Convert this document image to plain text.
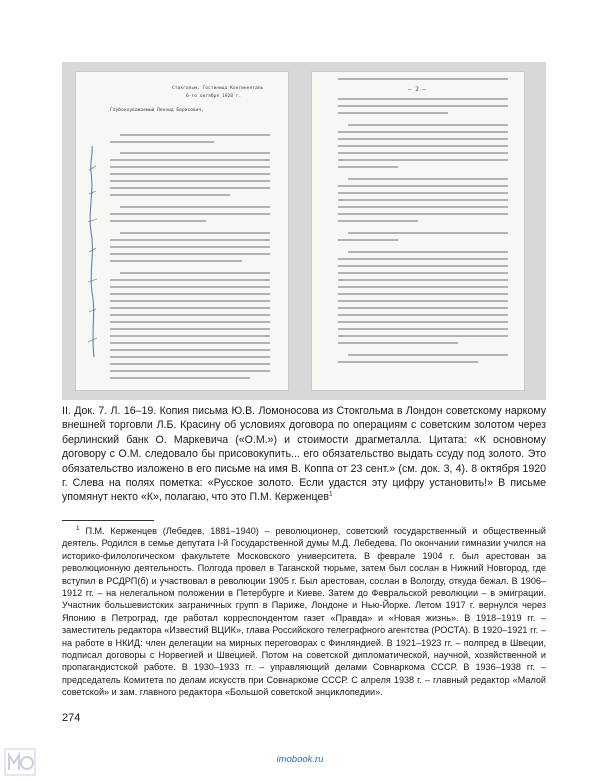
Стокгольм, Гостиница Континенталь
6-го октября 1920 г.
Глубокоуважаемый Леонид Борисович,
– 2 –

II. Док. 7. Л. 16–19. Копия письма Ю.В. Ломоносова из Стокгольма в Лондон советскому наркому внешней торговли Л.Б. Красину об условиях договора по операциям с советским золотом через берлинский банк О. Маркевича («О.М.») и стоимости драгметалла. Цитата: «К основному договору с О.М. следовало бы присовокупить... его обязательство выдать ссуду под золото. Это обязательство изложено в его письме на имя В. Коппа от 23 сент.» (см. док. 3, 4). 8 октября 1920 г. Слева на полях пометка: «Русское золото. Если удастся эту цифру установить!» В письме упомянут некто «К», полагаю, что это П.М. Керженцев$^1$

$^1$ П.М. Керженцев (Лебедев, 1881–1940) – революционер, советский государственный и общественный деятель. Родился в семье депутата I-й Государственной думы М.Д. Лебедева. По окончании гимназии учился на историко-филологическом факультете Московского университета. В феврале 1904 г. был арестован за революционную деятельность. Полгода провел в Таганской тюрьме, затем был сослан в Нижний Новгород, где вступил в РСДРП(б) и участвовал в революции 1905 г. Был арестован, сослан в Вологду, откуда бежал. В 1906–1912 гг. – на нелегальном положении в Петербурге и Киеве. Затем до Февральской революции – в эмиграции. Участник большевистских заграничных групп в Париже, Лондоне и Нью-Йорке. Летом 1917 г. вернулся через Японию в Петроград, где работал корреспондентом газет «Правда» и «Новая жизнь». В 1918–1919 гг. – заместитель редактора «Известий ВЦИК», глава Российского телеграфного агентства (РОСТА). В 1920–1921 гг. – на работе в НКИД: член делегации на мирных переговорах с Финляндией. В 1921–1923 гг. – полпред в Швеции, подписал договоры с Норвегией и Швецией. Потом на советской дипломатической, научной, хозяйственной и пропагандистской работе. В 1930–1933 гг. – управляющий делами Совнаркома СССР. В 1936–1938 гг. – председатель Комитета по делам искусств при Совнаркоме СССР. С апреля 1938 г. – главный редактор «Малой советской» и зам. главного редактора «Большой советской энциклопедии».

274
imobook.ru
